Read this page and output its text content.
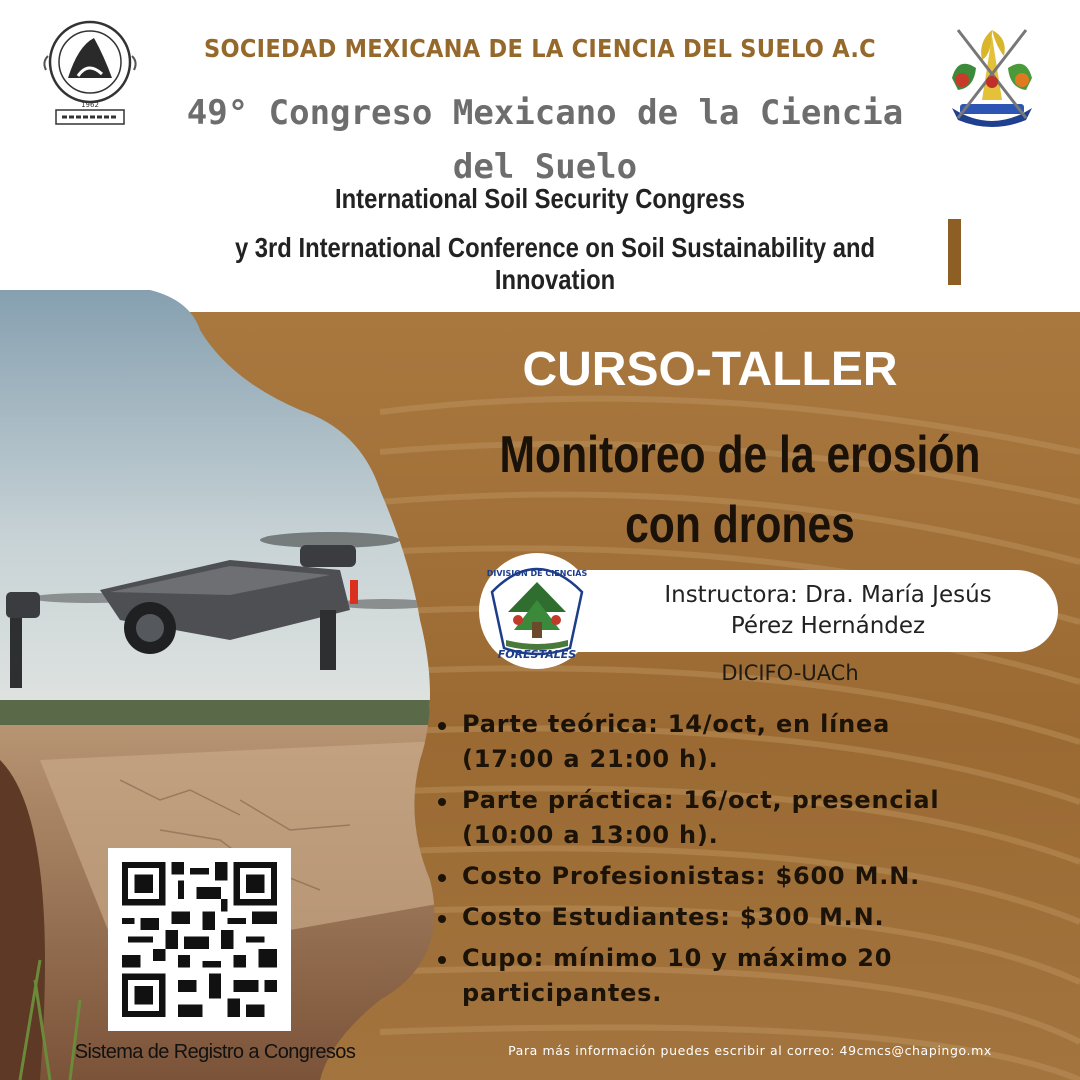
1962
SOCIEDAD MEXICANA DE LA CIENCIA DEL SUELO A.C
49° Congreso Mexicano de la Ciencia
del Suelo
International Soil Security Congress
y 3rd International Conference on Soil Sustainability and
Innovation
CURSO-TALLER
Monitoreo de la erosión
con drones
Instructora: Dra. María Jesús
Pérez Hernández
DIVISION DE CIENCIAS
FORESTALES
DICIFO-UACh
Parte teórica: 14/oct, en línea
(17:00 a 21:00 h).
Parte práctica: 16/oct, presencial
(10:00 a 13:00 h).
Costo Profesionistas: $600 M.N.
Costo Estudiantes: $300 M.N.
Cupo: mínimo 10 y máximo 20
participantes.
Sistema de Registro a Congresos	Para más información puedes escribir al correo: 49cmcs@chapingo.mx
